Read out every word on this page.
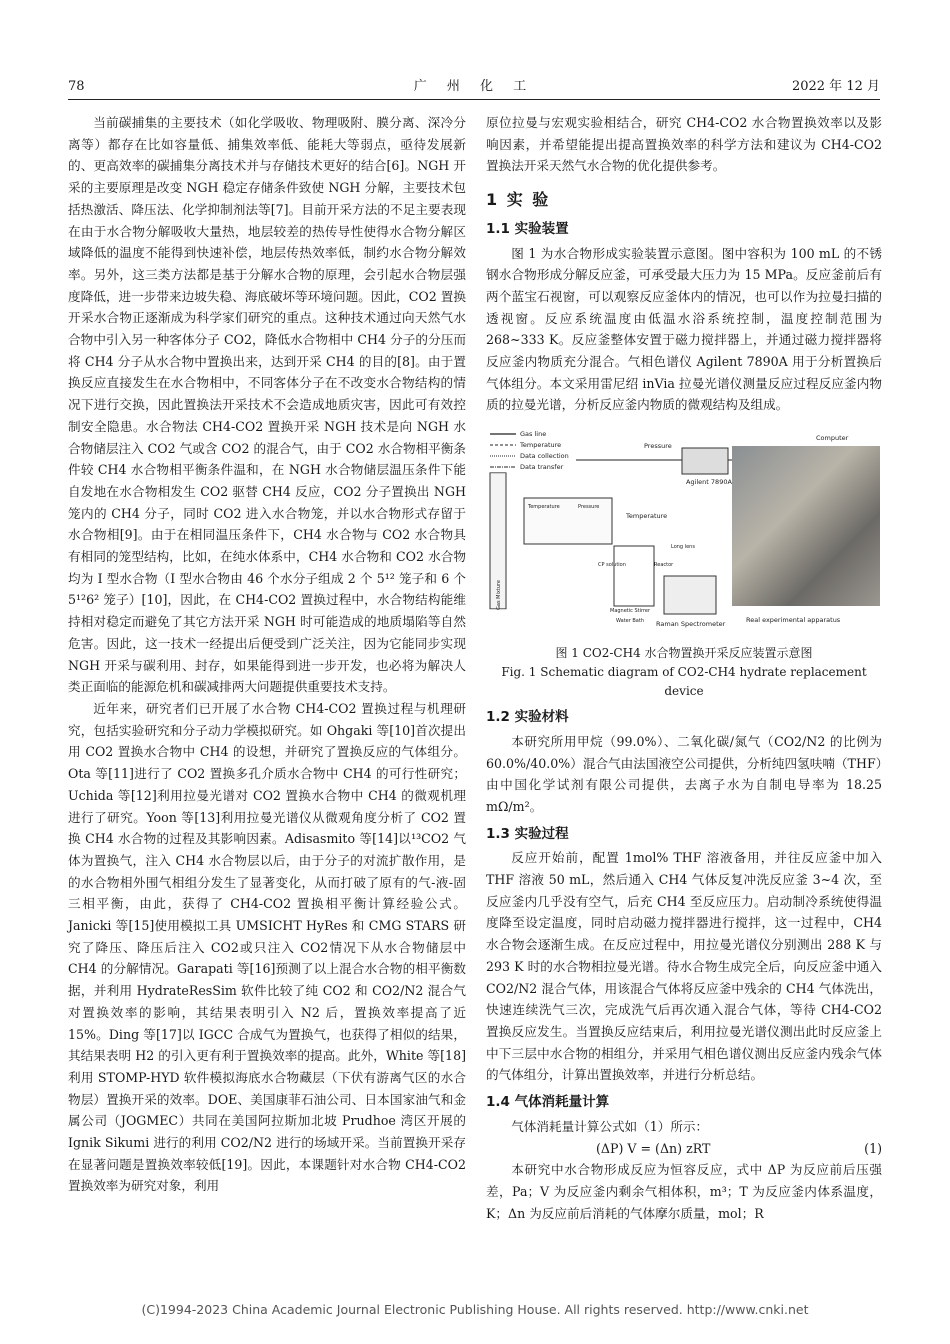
78	广 州 化 工	2022 年 12 月

当前碳捕集的主要技术（如化学吸收、物理吸附、膜分离、深冷分离等）都存在比如容量低、捕集效率低、能耗大等弱点，亟待发展新的、更高效率的碳捕集分离技术并与存储技术更好的结合[6]。NGH 开采的主要原理是改变 NGH 稳定存储条件致使 NGH 分解，主要技术包括热激活、降压法、化学抑制剂法等[7]。目前开采方法的不足主要表现在由于水合物分解吸收大量热，地层较差的热传导性使得水合物分解区域降低的温度不能得到快速补偿，地层传热效率低，制约水合物分解效率。另外，这三类方法都是基于分解水合物的原理，会引起水合物层强度降低，进一步带来边坡失稳、海底破坏等环境问题。因此，CO2 置换开采水合物正逐渐成为科学家们研究的重点。这种技术通过向天然气水合物中引入另一种客体分子 CO2，降低水合物相中 CH4 分子的分压而将 CH4 分子从水合物中置换出来，达到开采 CH4 的目的[8]。由于置换反应直接发生在水合物相中，不同客体分子在不改变水合物结构的情况下进行交换，因此置换法开采技术不会造成地质灾害，因此可有效控制安全隐患。水合物法 CH4-CO2 置换开采 NGH 技术是向 NGH 水合物储层注入 CO2 气或含 CO2 的混合气，由于 CO2 水合物相平衡条件较 CH4 水合物相平衡条件温和，在 NGH 水合物储层温压条件下能自发地在水合物相发生 CO2 驱替 CH4 反应，CO2 分子置换出 NGH 笼内的 CH4 分子，同时 CO2 进入水合物笼，并以水合物形式存留于水合物相[9]。由于在相同温压条件下，CH4 水合物与 CO2 水合物具有相同的笼型结构，比如，在纯水体系中，CH4 水合物和 CO2 水合物均为 I 型水合物（I 型水合物由 46 个水分子组成 2 个 5¹² 笼子和 6 个 5¹²6² 笼子）[10]，因此，在 CH4-CO2 置换过程中，水合物结构能维持相对稳定而避免了其它方法开采 NGH 时可能造成的地质塌陷等自然危害。因此，这一技术一经提出后便受到广泛关注，因为它能同步实现 NGH 开采与碳利用、封存，如果能得到进一步开发，也必将为解决人类正面临的能源危机和碳减排两大问题提供重要技术支持。

近年来，研究者们已开展了水合物 CH4-CO2 置换过程与机理研究，包括实验研究和分子动力学模拟研究。如 Ohgaki 等[10]首次提出用 CO2 置换水合物中 CH4 的设想，并研究了置换反应的气体组分。Ota 等[11]进行了 CO2 置换多孔介质水合物中 CH4 的可行性研究；Uchida 等[12]利用拉曼光谱对 CO2 置换水合物中 CH4 的微观机理进行了研究。Yoon 等[13]利用拉曼光谱仪从微观角度分析了 CO2 置换 CH4 水合物的过程及其影响因素。Adisasmito 等[14]以¹³CO2 气体为置换气，注入 CH4 水合物层以后，由于分子的对流扩散作用，是的水合物相外围气相组分发生了显著变化，从而打破了原有的气-液-固三相平衡，由此，获得了 CH4-CO2 置换相平衡计算经验公式。Janicki 等[15]使用模拟工具 UMSICHT HyRes 和 CMG STARS 研究了降压、降压后注入 CO2或只注入 CO2情况下从水合物储层中 CH4 的分解情况。Garapati 等[16]预测了以上混合水合物的相平衡数据，并利用 HydrateResSim 软件比较了纯 CO2 和 CO2/N2 混合气对置换效率的影响，其结果表明引入 N2 后，置换效率提高了近 15%。Ding 等[17]以 IGCC 合成气为置换气，也获得了相似的结果，其结果表明 H2 的引入更有利于置换效率的提高。此外，White 等[18]利用 STOMP-HYD 软件模拟海底水合物藏层（下伏有游离气区的水合物层）置换开采的效率。DOE、美国康菲石油公司、日本国家油气和金属公司（JOGMEC）共同在美国阿拉斯加北坡 Prudhoe 湾区开展的 Ignik Sikumi 进行的利用 CO2/N2 进行的场域开采。当前置换开采存在显著问题是置换效率较低[19]。因此，本课题针对水合物 CH4-CO2 置换效率为研究对象，利用

原位拉曼与宏观实验相结合，研究 CH4-CO2 水合物置换效率以及影响因素，并希望能提出提高置换效率的科学方法和建议为 CH4-CO2 置换法开采天然气水合物的优化提供参考。

1 实 验
1.1 实验装置

图 1 为水合物形成实验装置示意图。图中容积为 100 mL 的不锈钢水合物形成分解反应釜，可承受最大压力为 15 MPa。反应釜前后有两个蓝宝石视窗，可以观察反应釜体内的情况，也可以作为拉曼扫描的透视窗。反应系统温度由低温水浴系统控制，温度控制范围为 268~333 K。反应釜整体安置于磁力搅拌器上，并通过磁力搅拌器将反应釜内物质充分混合。气相色谱仪 Agilent 7890A 用于分析置换后气体组分。本文采用雷尼绍 inVia 拉曼光谱仪测量反应过程反应釜内物质的拉曼光谱，分析反应釜内物质的微观结构及组成。

Gas line
Temperature
Data collection
Data transfer
Agilent 7890A
Computer
Pressure
Temperature	Pressure
Temperature
CP solution	Reactor
Long lens
Magnetic Stirrer
Water Bath Raman Spectrometer
Gas Mixture
Real experimental apparatus
图 1 CO2-CH4 水合物置换开采反应装置示意图
Fig. 1 Schematic diagram of CO2-CH4 hydrate replacement device
1.2 实验材料

本研究所用甲烷（99.0%）、二氧化碳/氮气（CO2/N2 的比例为 60.0%/40.0%）混合气由法国液空公司提供，分析纯四氢呋喃（THF）由中国化学试剂有限公司提供，去离子水为自制电导率为 18.25 mΩ/m²。

1.3 实验过程

反应开始前，配置 1mol% THF 溶液备用，并往反应釜中加入 THF 溶液 50 mL，然后通入 CH4 气体反复冲洗反应釜 3~4 次，至反应釜内几乎没有空气，后充 CH4 至反应压力。启动制冷系统使得温度降至设定温度，同时启动磁力搅拌器进行搅拌，这一过程中，CH4 水合物会逐渐生成。在反应过程中，用拉曼光谱仪分别测出 288 K 与 293 K 时的水合物相拉曼光谱。待水合物生成完全后，向反应釜中通入 CO2/N2 混合气体，用该混合气体将反应釜中残余的 CH4 气体洗出，快速连续洗气三次，完成洗气后再次通入混合气体，等待 CH4-CO2 置换反应发生。当置换反应结束后，利用拉曼光谱仪测出此时反应釜上中下三层中水合物的相组分，并采用气相色谱仪测出反应釜内残余气体的气体组分，计算出置换效率，并进行分析总结。

1.4 气体消耗量计算

气体消耗量计算公式如（1）所示：

(ΔP) V = (Δn) zRT	(1)

本研究中水合物形成反应为恒容反应，式中 ΔP 为反应前后压强差，Pa；V 为反应釜内剩余气相体积，m³；T 为反应釜内体系温度，K；Δn 为反应前后消耗的气体摩尔质量，mol；R

(C)1994-2023 China Academic Journal Electronic Publishing House. All rights reserved. http://www.cnki.net
